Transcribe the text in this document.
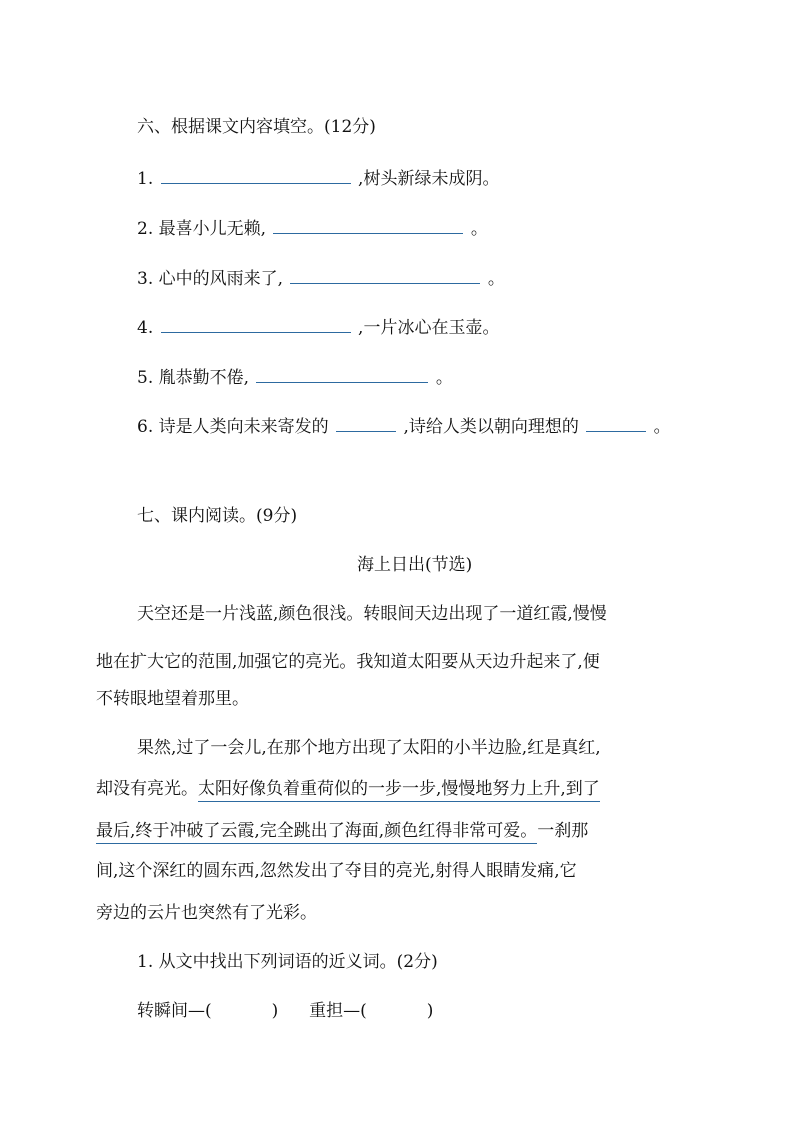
六、根据课文内容填空。(12分)
1.	,树头新绿未成阴。
2. 最喜小儿无赖,	。
3. 心中的风雨来了,	。
4.	,一片冰心在玉壶。
5. 胤恭勤不倦,	。
6. 诗是人类向未来寄发的	,诗给人类以朝向理想的	。
七、课内阅读。(9分)
海上日出(节选)
天空还是一片浅蓝,颜色很浅。转眼间天边出现了一道红霞,慢慢
地在扩大它的范围,加强它的亮光。我知道太阳要从天边升起来了,便
不转眼地望着那里。
果然,过了一会儿,在那个地方出现了太阳的小半边脸,红是真红,
却没有亮光。太阳好像负着重荷似的一步一步,慢慢地努力上升,到了
最后,终于冲破了云霞,完全跳出了海面,颜色红得非常可爱。一刹那
间,这个深红的圆东西,忽然发出了夺目的亮光,射得人眼睛发痛,它
旁边的云片也突然有了光彩。
1. 从文中找出下列词语的近义词。(2分)
转瞬间—(	) 重担—(	)
